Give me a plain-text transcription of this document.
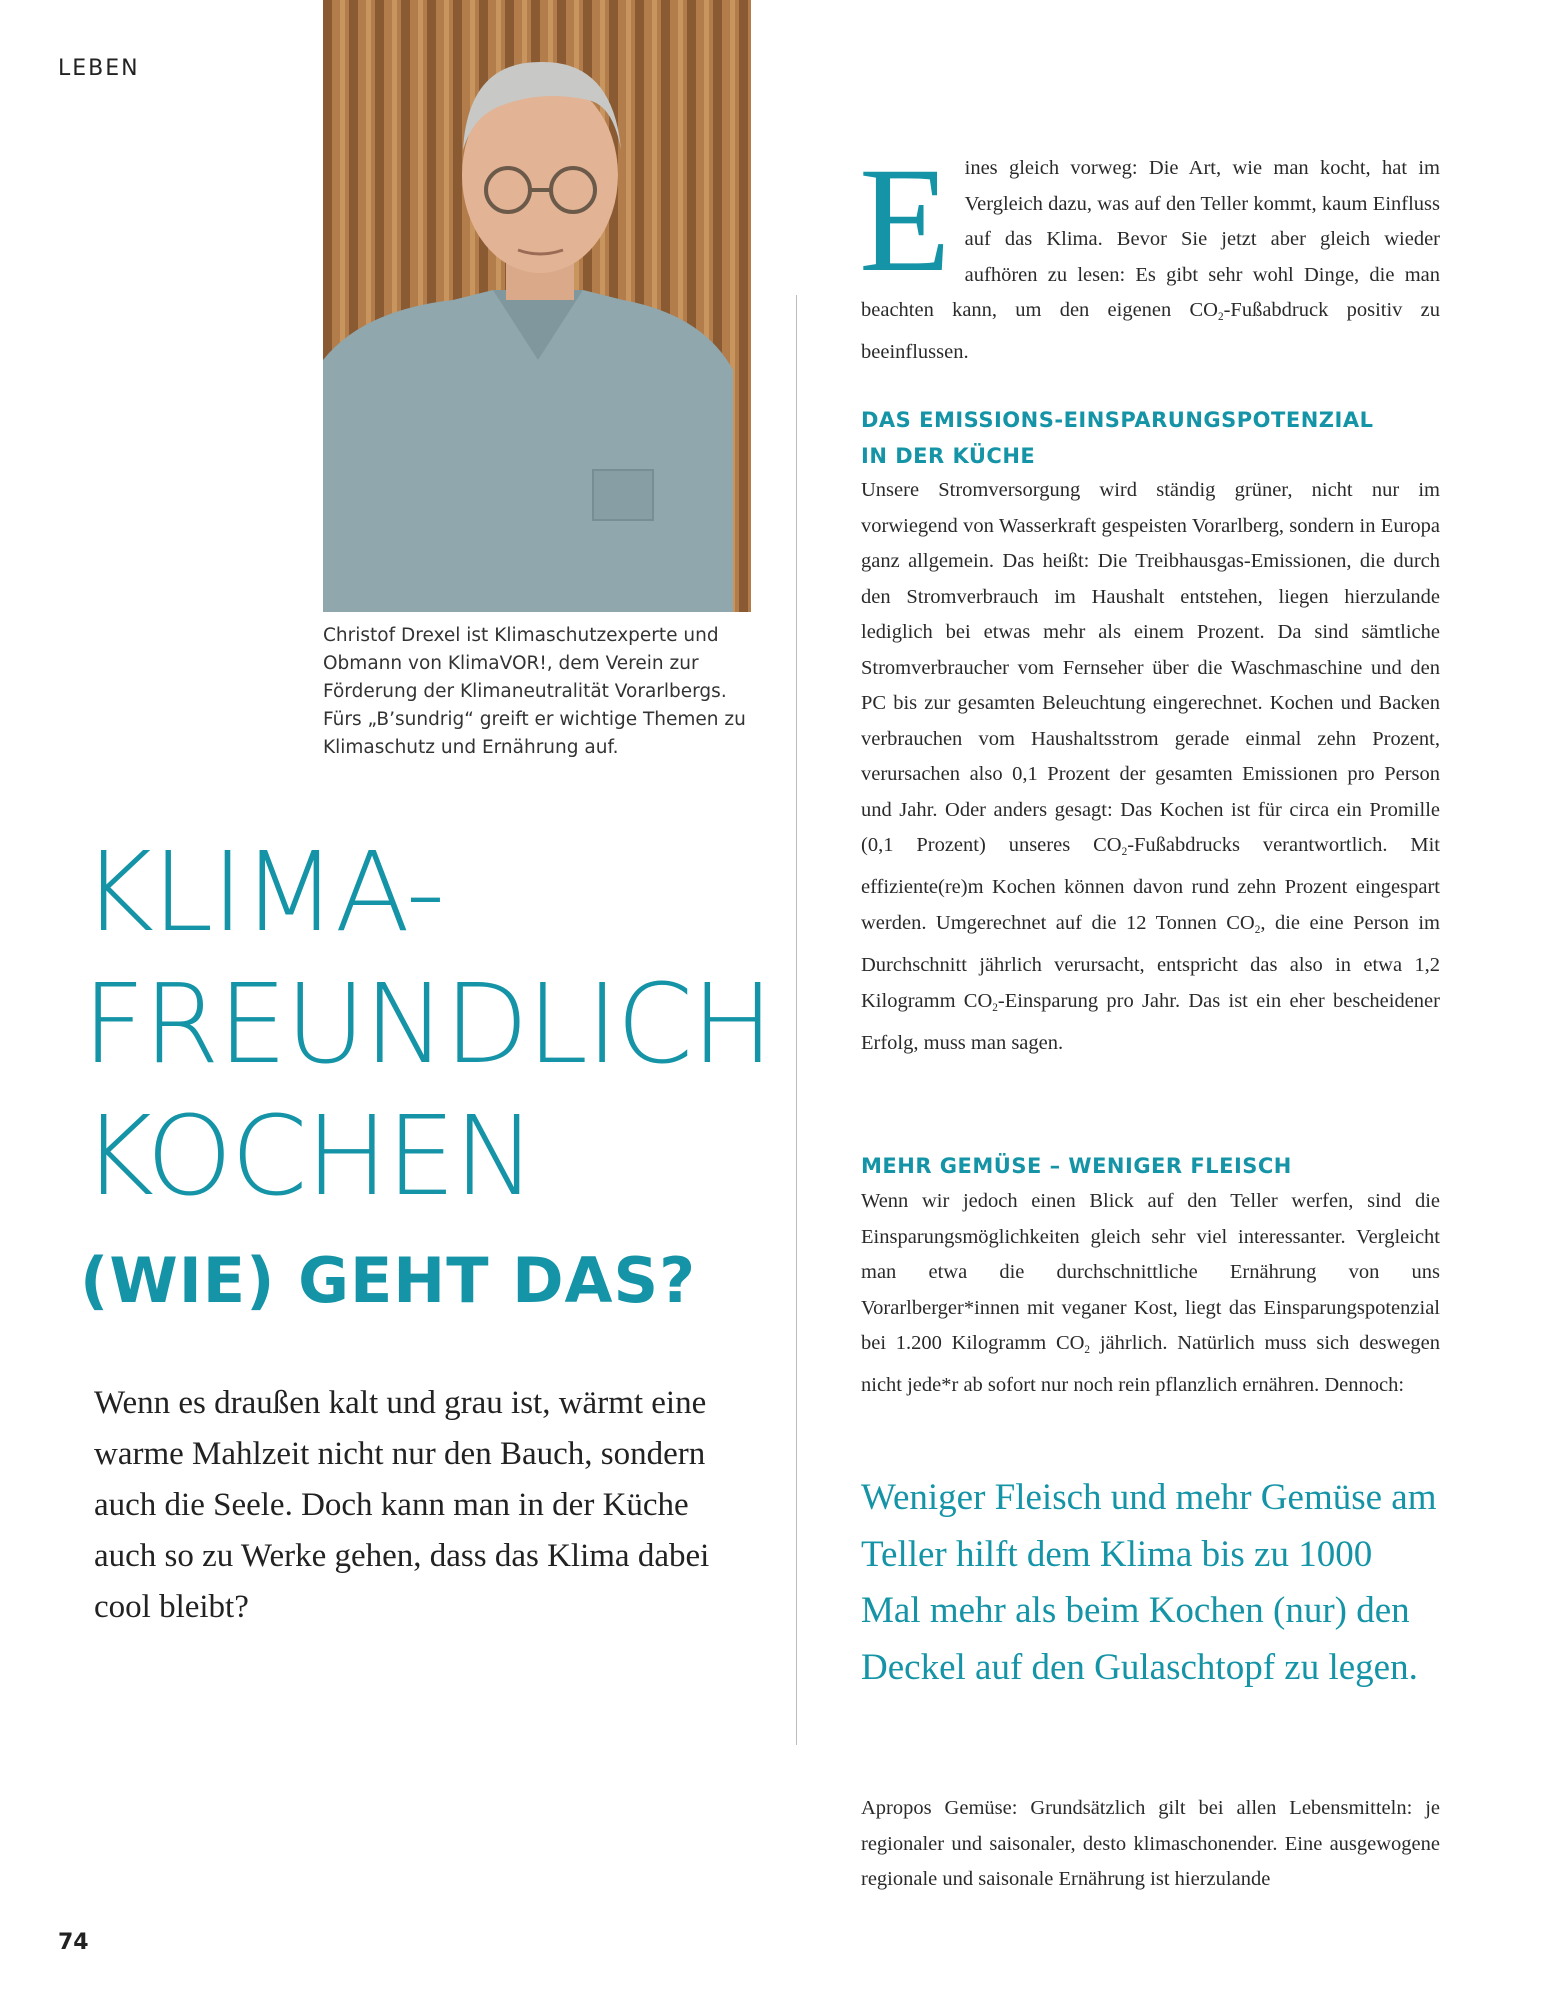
LEBEN
Christof Drexel ist Klimaschutzexperte und Obmann von KlimaVOR!, dem Verein zur Förderung der Klimaneutralität Vorarlbergs. Fürs „B’sundrig“ greift er wichtige Themen zu Klimaschutz und Ernährung auf.
KLIMA-
FREUNDLICH
KOCHEN
(WIE) GEHT DAS?
Wenn es draußen kalt und grau ist, wärmt eine warme Mahlzeit nicht nur den Bauch, sondern auch die Seele. Doch kann man in der Küche auch so zu Werke gehen, dass das Klima dabei cool bleibt?
Eines gleich vorweg: Die Art, wie man kocht, hat im Vergleich dazu, was auf den Teller kommt, kaum Einfluss auf das Klima. Bevor Sie jetzt aber gleich wieder aufhören zu lesen: Es gibt sehr wohl Dinge, die man beachten kann, um den eigenen $CO_2$-Fußabdruck positiv zu beeinflussen.
DAS EMISSIONS-EINSPARUNGSPOTENZIAL
IN DER KÜCHE
Unsere Stromversorgung wird ständig grüner, nicht nur im vorwiegend von Wasserkraft gespeisten Vorarlberg, sondern in Europa ganz allgemein. Das heißt: Die Treibhausgas-Emissionen, die durch den Stromverbrauch im Haushalt entstehen, liegen hierzulande lediglich bei etwas mehr als einem Prozent. Da sind sämtliche Stromverbraucher vom Fernseher über die Waschmaschine und den PC bis zur gesamten Beleuchtung eingerechnet. Kochen und Backen verbrauchen vom Haushaltsstrom gerade einmal zehn Prozent, verursachen also 0,1 Prozent der gesamten Emissionen pro Person und Jahr. Oder anders gesagt: Das Kochen ist für circa ein Promille (0,1 Prozent) unseres $CO_2$-Fußabdrucks verantwortlich. Mit effiziente(re)m Kochen können davon rund zehn Prozent eingespart werden. Umgerechnet auf die 12 Tonnen $CO_2$, die eine Person im Durchschnitt jährlich verursacht, entspricht das also in etwa 1,2 Kilogramm $CO_2$-Einsparung pro Jahr. Das ist ein eher bescheidener Erfolg, muss man sagen.
MEHR GEMÜSE – WENIGER FLEISCH
Wenn wir jedoch einen Blick auf den Teller werfen, sind die Einsparungsmöglichkeiten gleich sehr viel interessanter. Vergleicht man etwa die durchschnittliche Ernährung von uns Vorarlberger*innen mit veganer Kost, liegt das Einsparungspotenzial bei 1.200 Kilogramm $CO_2$ jährlich. Natürlich muss sich deswegen nicht jede*r ab sofort nur noch rein pflanzlich ernähren. Dennoch:
Weniger Fleisch und mehr Gemüse am Teller hilft dem Klima bis zu 1000 Mal mehr als beim Kochen (nur) den Deckel auf den Gulaschtopf zu legen.
Apropos Gemüse: Grundsätzlich gilt bei allen Lebensmitteln: je regionaler und saisonaler, desto klimaschonender. Eine ausgewogene regionale und saisonale Ernährung ist hierzulande
74
